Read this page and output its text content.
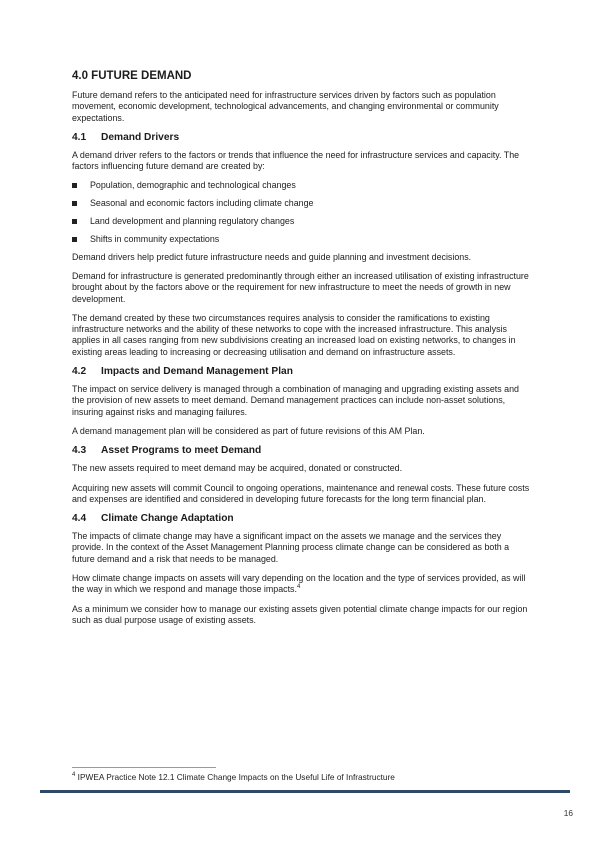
4.0 FUTURE DEMAND

Future demand refers to the anticipated need for infrastructure services driven by factors such as population movement, economic development, technological advancements, and changing environmental or community expectations.

4.1 Demand Drivers

A demand driver refers to the factors or trends that influence the need for infrastructure services and capacity. The factors influencing future demand are created by:

Population, demographic and technological changes
Seasonal and economic factors including climate change
Land development and planning regulatory changes
Shifts in community expectations

Demand drivers help predict future infrastructure needs and guide planning and investment decisions.

Demand for infrastructure is generated predominantly through either an increased utilisation of existing infrastructure brought about by the factors above or the requirement for new infrastructure to meet the needs of growth in new development.

The demand created by these two circumstances requires analysis to consider the ramifications to existing infrastructure networks and the ability of these networks to cope with the increased infrastructure. This analysis applies in all cases ranging from new subdivisions creating an increased load on existing networks, to changes in existing areas leading to increasing or decreasing utilisation and demand on infrastructure assets.

4.2 Impacts and Demand Management Plan

The impact on service delivery is managed through a combination of managing and upgrading existing assets and the provision of new assets to meet demand. Demand management practices can include non-asset solutions, insuring against risks and managing failures.

A demand management plan will be considered as part of future revisions of this AM Plan.

4.3 Asset Programs to meet Demand

The new assets required to meet demand may be acquired, donated or constructed.

Acquiring new assets will commit Council to ongoing operations, maintenance and renewal costs. These future costs and expenses are identified and considered in developing future forecasts for the long term financial plan.

4.4 Climate Change Adaptation

The impacts of climate change may have a significant impact on the assets we manage and the services they provide. In the context of the Asset Management Planning process climate change can be considered as both a future demand and a risk that needs to be managed.

How climate change impacts on assets will vary depending on the location and the type of services provided, as will the way in which we respond and manage those impacts.$^4$

As a minimum we consider how to manage our existing assets given potential climate change impacts for our region such as dual purpose usage of existing assets.

$^4$ IPWEA Practice Note 12.1 Climate Change Impacts on the Useful Life of Infrastructure
16
